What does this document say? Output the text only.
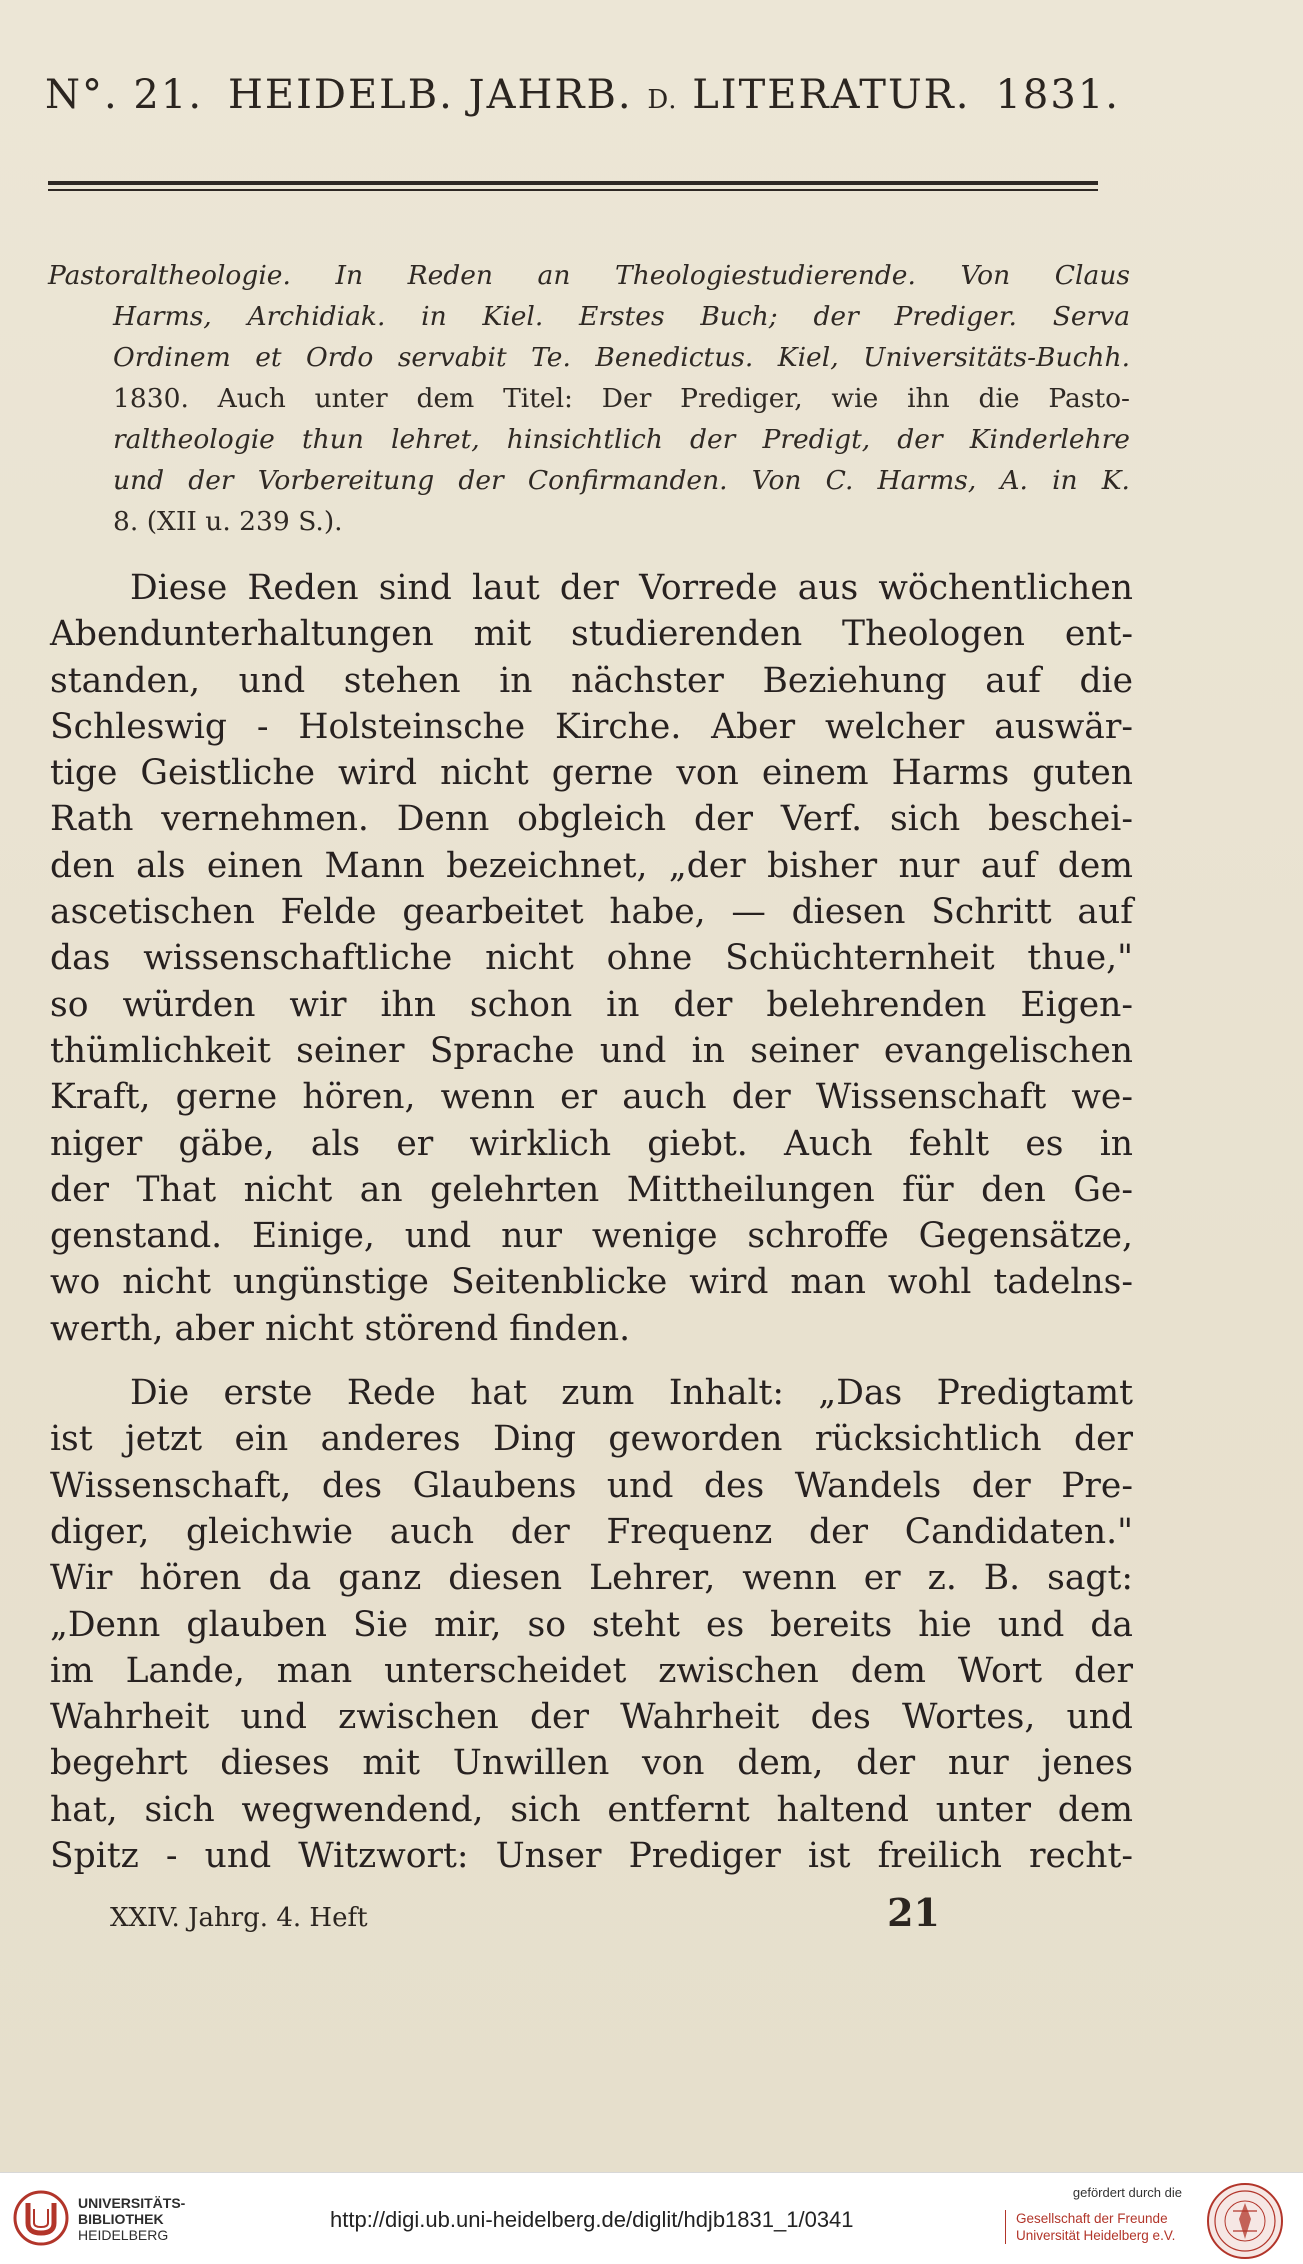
N°. 21. HEIDELB. JAHRB. D. LITERATUR. 1831.
Pastoraltheologie. In Reden an Theologiestudierende. Von Claus
Harms, Archidiak. in Kiel. Erstes Buch; der Prediger. Serva
Ordinem et Ordo servabit Te. Benedictus. Kiel, Universitäts-Buchh.
1830. Auch unter dem Titel: Der Prediger, wie ihn die Pasto-
raltheologie thun lehret, hinsichtlich der Predigt, der Kinderlehre
und der Vorbereitung der Confirmanden. Von C. Harms, A. in K.
8. (XII u. 239 S.).
Diese Reden sind laut der Vorrede aus wöchentlichen
Abendunterhaltungen mit studierenden Theologen ent-
standen, und stehen in nächster Beziehung auf die
Schleswig - Holsteinsche Kirche. Aber welcher auswär-
tige Geistliche wird nicht gerne von einem Harms guten
Rath vernehmen. Denn obgleich der Verf. sich beschei-
den als einen Mann bezeichnet, „der bisher nur auf dem
ascetischen Felde gearbeitet habe, — diesen Schritt auf
das wissenschaftliche nicht ohne Schüchternheit thue,"
so würden wir ihn schon in der belehrenden Eigen-
thümlichkeit seiner Sprache und in seiner evangelischen
Kraft, gerne hören, wenn er auch der Wissenschaft we-
niger gäbe, als er wirklich giebt. Auch fehlt es in
der That nicht an gelehrten Mittheilungen für den Ge-
genstand. Einige, und nur wenige schroffe Gegensätze,
wo nicht ungünstige Seitenblicke wird man wohl tadelns-
werth, aber nicht störend finden.
Die erste Rede hat zum Inhalt: „Das Predigtamt
ist jetzt ein anderes Ding geworden rücksichtlich der
Wissenschaft, des Glaubens und des Wandels der Pre-
diger, gleichwie auch der Frequenz der Candidaten."
Wir hören da ganz diesen Lehrer, wenn er z. B. sagt:
„Denn glauben Sie mir, so steht es bereits hie und da
im Lande, man unterscheidet zwischen dem Wort der
Wahrheit und zwischen der Wahrheit des Wortes, und
begehrt dieses mit Unwillen von dem, der nur jenes
hat, sich wegwendend, sich entfernt haltend unter dem
Spitz - und Witzwort: Unser Prediger ist freilich recht-
XXIV. Jahrg. 4. Heft	21
UNIVERSITÄTS-
BIBLIOTHEK
HEIDELBERG
http://digi.ub.uni-heidelberg.de/diglit/hdjb1831_1/0341
gefördert durch die
Gesellschaft der Freunde
Universität Heidelberg e.V.
